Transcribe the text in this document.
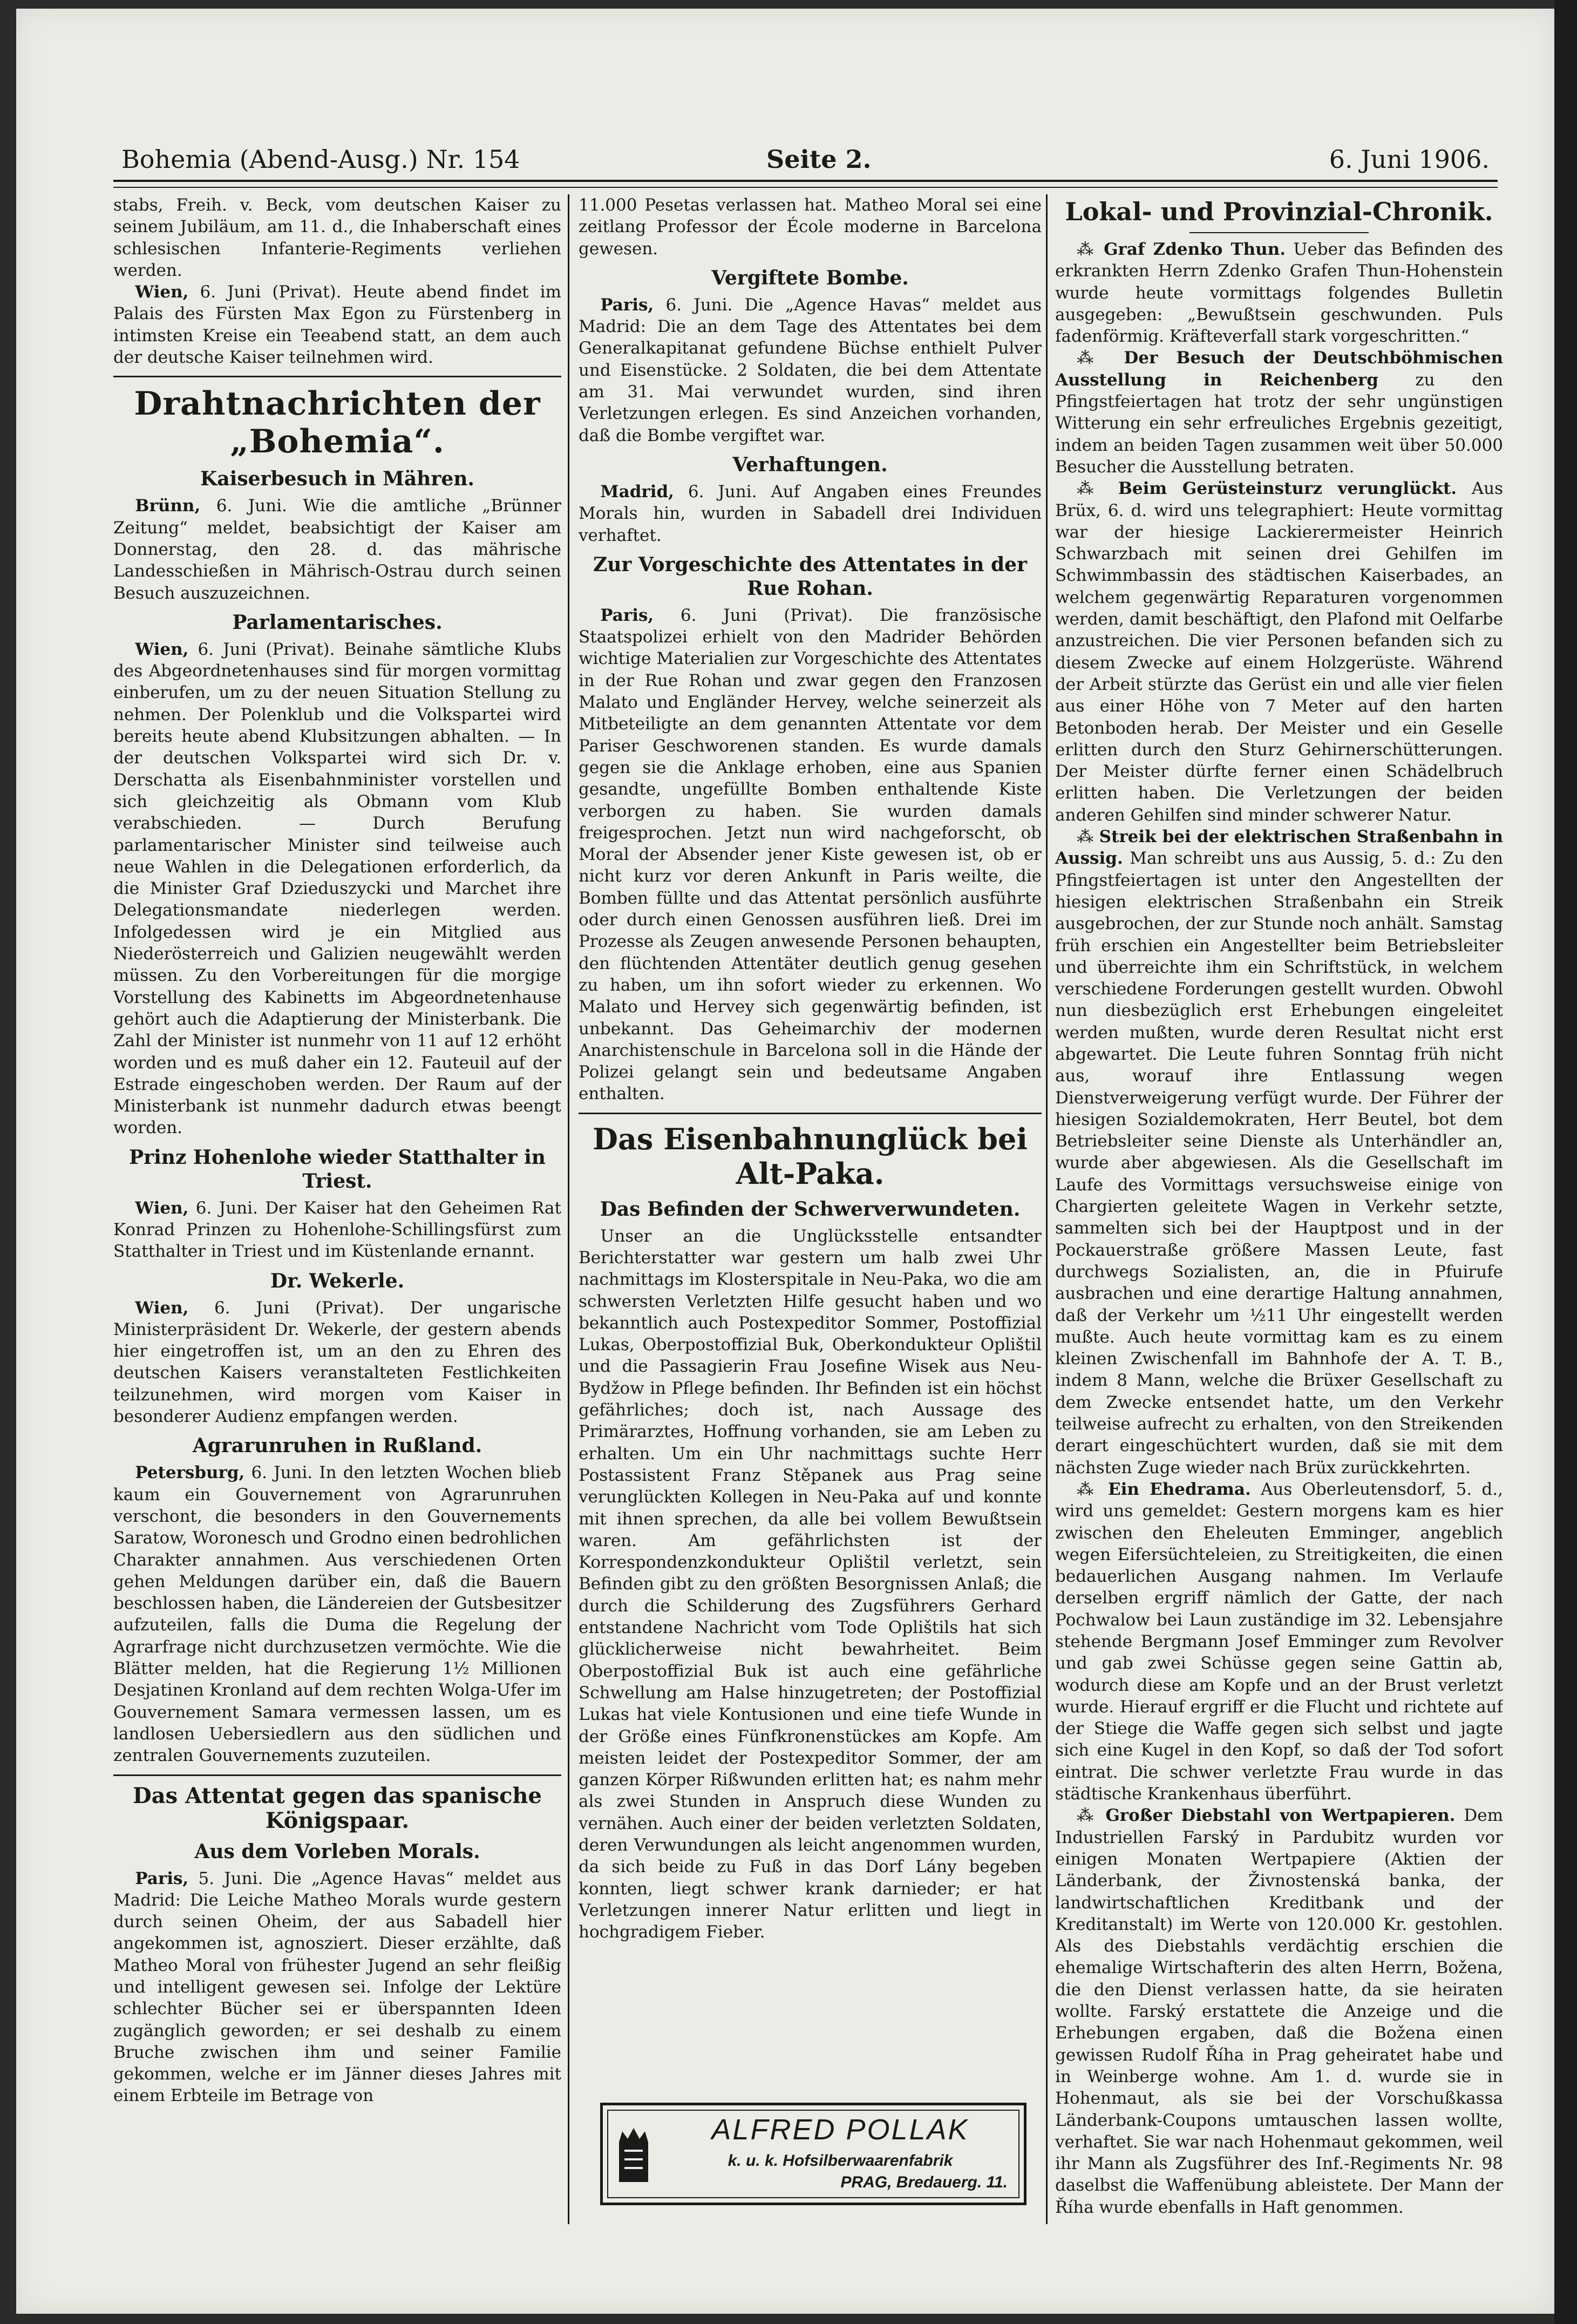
Bohemia (Abend-Ausg.) Nr. 154	Seite 2.	6. Juni 1906.

stabs, Freih. v. Beck, vom deutschen Kaiser zu seinem Jubiläum, am 11. d., die Inhaberschaft eines schlesischen Infanterie-Regiments verliehen werden.

Wien, 6. Juni (Privat). Heute abend findet im Palais des Fürsten Max Egon zu Fürstenberg in intimsten Kreise ein Teeabend statt, an dem auch der deutsche Kaiser teilnehmen wird.

Drahtnachrichten der „Bohemia“.
Kaiserbesuch in Mähren.

Brünn, 6. Juni. Wie die amtliche „Brünner Zeitung“ meldet, beabsichtigt der Kaiser am Donnerstag, den 28. d. das mährische Landesschießen in Mährisch-Ostrau durch seinen Besuch auszuzeichnen.

Parlamentarisches.

Wien, 6. Juni (Privat). Beinahe sämtliche Klubs des Abgeordnetenhauses sind für morgen vormittag einberufen, um zu der neuen Situation Stellung zu nehmen. Der Polenklub und die Volkspartei wird bereits heute abend Klubsitzungen abhalten. — In der deutschen Volkspartei wird sich Dr. v. Derschatta als Eisenbahnminister vorstellen und sich gleichzeitig als Obmann vom Klub verabschieden. — Durch Berufung parlamentarischer Minister sind teilweise auch neue Wahlen in die Delegationen erforderlich, da die Minister Graf Dzieduszycki und Marchet ihre Delegationsmandate niederlegen werden. Infolgedessen wird je ein Mitglied aus Niederösterreich und Galizien neugewählt werden müssen. Zu den Vorbereitungen für die morgige Vorstellung des Kabinetts im Abgeordnetenhause gehört auch die Adaptierung der Ministerbank. Die Zahl der Minister ist nunmehr von 11 auf 12 erhöht worden und es muß daher ein 12. Fauteuil auf der Estrade eingeschoben werden. Der Raum auf der Ministerbank ist nunmehr dadurch etwas beengt worden.

Prinz Hohenlohe wieder Statthalter in Triest.

Wien, 6. Juni. Der Kaiser hat den Geheimen Rat Konrad Prinzen zu Hohenlohe-Schillingsfürst zum Statthalter in Triest und im Küstenlande ernannt.

Dr. Wekerle.

Wien, 6. Juni (Privat). Der ungarische Ministerpräsident Dr. Wekerle, der gestern abends hier eingetroffen ist, um an den zu Ehren des deutschen Kaisers veranstalteten Festlichkeiten teilzunehmen, wird morgen vom Kaiser in besonderer Audienz empfangen werden.

Agrarunruhen in Rußland.

Petersburg, 6. Juni. In den letzten Wochen blieb kaum ein Gouvernement von Agrarunruhen verschont, die besonders in den Gouvernements Saratow, Woronesch und Grodno einen bedrohlichen Charakter annahmen. Aus verschiedenen Orten gehen Meldungen darüber ein, daß die Bauern beschlossen haben, die Ländereien der Gutsbesitzer aufzuteilen, falls die Duma die Regelung der Agrarfrage nicht durchzusetzen vermöchte. Wie die Blätter melden, hat die Regierung 1½ Millionen Desjatinen Kronland auf dem rechten Wolga-Ufer im Gouvernement Samara vermessen lassen, um es landlosen Uebersiedlern aus den südlichen und zentralen Gouvernements zuzuteilen.

Das Attentat gegen das spanische Königspaar.
Aus dem Vorleben Morals.

Paris, 5. Juni. Die „Agence Havas“ meldet aus Madrid: Die Leiche Matheo Morals wurde gestern durch seinen Oheim, der aus Sabadell hier angekommen ist, agnosziert. Dieser erzählte, daß Matheo Moral von frühester Jugend an sehr fleißig und intelligent gewesen sei. Infolge der Lektüre schlechter Bücher sei er überspannten Ideen zugänglich geworden; er sei deshalb zu einem Bruche zwischen ihm und seiner Familie gekommen, welche er im Jänner dieses Jahres mit einem Erbteile im Betrage von

11.000 Pesetas verlassen hat. Matheo Moral sei eine zeitlang Professor der École moderne in Barcelona gewesen.

Vergiftete Bombe.

Paris, 6. Juni. Die „Agence Havas“ meldet aus Madrid: Die an dem Tage des Attentates bei dem Generalkapitanat gefundene Büchse enthielt Pulver und Eisenstücke. 2 Soldaten, die bei dem Attentate am 31. Mai verwundet wurden, sind ihren Verletzungen erlegen. Es sind Anzeichen vorhanden, daß die Bombe vergiftet war.

Verhaftungen.

Madrid, 6. Juni. Auf Angaben eines Freundes Morals hin, wurden in Sabadell drei Individuen verhaftet.

Zur Vorgeschichte des Attentates in der Rue Rohan.

Paris, 6. Juni (Privat). Die französische Staatspolizei erhielt von den Madrider Behörden wichtige Materialien zur Vorgeschichte des Attentates in der Rue Rohan und zwar gegen den Franzosen Malato und Engländer Hervey, welche seinerzeit als Mitbeteiligte an dem genannten Attentate vor dem Pariser Geschworenen standen. Es wurde damals gegen sie die Anklage erhoben, eine aus Spanien gesandte, ungefüllte Bomben enthaltende Kiste verborgen zu haben. Sie wurden damals freigesprochen. Jetzt nun wird nachgeforscht, ob Moral der Absender jener Kiste gewesen ist, ob er nicht kurz vor deren Ankunft in Paris weilte, die Bomben füllte und das Attentat persönlich ausführte oder durch einen Genossen ausführen ließ. Drei im Prozesse als Zeugen anwesende Personen behaupten, den flüchtenden Attentäter deutlich genug gesehen zu haben, um ihn sofort wieder zu erkennen. Wo Malato und Hervey sich gegenwärtig befinden, ist unbekannt. Das Geheimarchiv der modernen Anarchistenschule in Barcelona soll in die Hände der Polizei gelangt sein und bedeutsame Angaben enthalten.

Das Eisenbahnunglück bei Alt-Paka.
Das Befinden der Schwerverwundeten.

Unser an die Unglücksstelle entsandter Berichterstatter war gestern um halb zwei Uhr nachmittags im Klosterspitale in Neu-Paka, wo die am schwersten Verletzten Hilfe gesucht haben und wo bekanntlich auch Postexpeditor Sommer, Postoffizial Lukas, Oberpostoffizial Buk, Oberkondukteur Oplištil und die Passagierin Frau Josefine Wisek aus Neu-Bydžow in Pflege befinden. Ihr Befinden ist ein höchst gefährliches; doch ist, nach Aussage des Primärarztes, Hoffnung vorhanden, sie am Leben zu erhalten. Um ein Uhr nachmittags suchte Herr Postassistent Franz Stěpanek aus Prag seine verunglückten Kollegen in Neu-Paka auf und konnte mit ihnen sprechen, da alle bei vollem Bewußtsein waren. Am gefährlichsten ist der Korrespondenzkondukteur Oplištil verletzt, sein Befinden gibt zu den größten Besorgnissen Anlaß; die durch die Schilderung des Zugsführers Gerhard entstandene Nachricht vom Tode Oplištils hat sich glücklicherweise nicht bewahrheitet. Beim Oberpostoffizial Buk ist auch eine gefährliche Schwellung am Halse hinzugetreten; der Postoffizial Lukas hat viele Kontusionen und eine tiefe Wunde in der Größe eines Fünfkronenstückes am Kopfe. Am meisten leidet der Postexpeditor Sommer, der am ganzen Körper Rißwunden erlitten hat; es nahm mehr als zwei Stunden in Anspruch diese Wunden zu vernähen. Auch einer der beiden verletzten Soldaten, deren Verwundungen als leicht angenommen wurden, da sich beide zu Fuß in das Dorf Lány begeben konnten, liegt schwer krank darnieder; er hat Verletzungen innerer Natur erlitten und liegt in hochgradigem Fieber.

ALFRED POLLAK
k. u. k. Hofsilberwaarenfabrik
PRAG, Bredauerg. 11.
Lokal- und Provinzial-Chronik.

⁂ Graf Zdenko Thun. Ueber das Befinden des erkrankten Herrn Zdenko Grafen Thun-Hohenstein wurde heute vormittags folgendes Bulletin ausgegeben: „Bewußtsein geschwunden. Puls fadenförmig. Kräfteverfall stark vorgeschritten.“

⁂ Der Besuch der Deutschböhmischen Ausstellung in Reichenberg zu den Pfingstfeiertagen hat trotz der sehr ungünstigen Witterung ein sehr erfreuliches Ergebnis gezeitigt, indem an beiden Tagen zusammen weit über 50.000 Besucher die Ausstellung betraten.

⁂ Beim Gerüsteinsturz verunglückt. Aus Brüx, 6. d. wird uns telegraphiert: Heute vormittag war der hiesige Lackierermeister Heinrich Schwarzbach mit seinen drei Gehilfen im Schwimmbassin des städtischen Kaiserbades, an welchem gegenwärtig Reparaturen vorgenommen werden, damit beschäftigt, den Plafond mit Oelfarbe anzustreichen. Die vier Personen befanden sich zu diesem Zwecke auf einem Holzgerüste. Während der Arbeit stürzte das Gerüst ein und alle vier fielen aus einer Höhe von 7 Meter auf den harten Betonboden herab. Der Meister und ein Geselle erlitten durch den Sturz Gehirnerschütterungen. Der Meister dürfte ferner einen Schädelbruch erlitten haben. Die Verletzungen der beiden anderen Gehilfen sind minder schwerer Natur.

⁂ Streik bei der elektrischen Straßenbahn in Aussig. Man schreibt uns aus Aussig, 5. d.: Zu den Pfingstfeiertagen ist unter den Angestellten der hiesigen elektrischen Straßenbahn ein Streik ausgebrochen, der zur Stunde noch anhält. Samstag früh erschien ein Angestellter beim Betriebsleiter und überreichte ihm ein Schriftstück, in welchem verschiedene Forderungen gestellt wurden. Obwohl nun diesbezüglich erst Erhebungen eingeleitet werden mußten, wurde deren Resultat nicht erst abgewartet. Die Leute fuhren Sonntag früh nicht aus, worauf ihre Entlassung wegen Dienstverweigerung verfügt wurde. Der Führer der hiesigen Sozialdemokraten, Herr Beutel, bot dem Betriebsleiter seine Dienste als Unterhändler an, wurde aber abgewiesen. Als die Gesellschaft im Laufe des Vormittags versuchsweise einige von Chargierten geleitete Wagen in Verkehr setzte, sammelten sich bei der Hauptpost und in der Pockauerstraße größere Massen Leute, fast durchwegs Sozialisten, an, die in Pfuirufe ausbrachen und eine derartige Haltung annahmen, daß der Verkehr um ½11 Uhr eingestellt werden mußte. Auch heute vormittag kam es zu einem kleinen Zwischenfall im Bahnhofe der A. T. B., indem 8 Mann, welche die Brüxer Gesellschaft zu dem Zwecke entsendet hatte, um den Verkehr teilweise aufrecht zu erhalten, von den Streikenden derart eingeschüchtert wurden, daß sie mit dem nächsten Zuge wieder nach Brüx zurückkehrten.

⁂ Ein Ehedrama. Aus Oberleutensdorf, 5. d., wird uns gemeldet: Gestern morgens kam es hier zwischen den Eheleuten Emminger, angeblich wegen Eifersüchteleien, zu Streitigkeiten, die einen bedauerlichen Ausgang nahmen. Im Verlaufe derselben ergriff nämlich der Gatte, der nach Pochwalow bei Laun zuständige im 32. Lebensjahre stehende Bergmann Josef Emminger zum Revolver und gab zwei Schüsse gegen seine Gattin ab, wodurch diese am Kopfe und an der Brust verletzt wurde. Hierauf ergriff er die Flucht und richtete auf der Stiege die Waffe gegen sich selbst und jagte sich eine Kugel in den Kopf, so daß der Tod sofort eintrat. Die schwer verletzte Frau wurde in das städtische Krankenhaus überführt.

⁂ Großer Diebstahl von Wertpapieren. Dem Industriellen Farský in Pardubitz wurden vor einigen Monaten Wertpapiere (Aktien der Länderbank, der Živnostenská banka, der landwirtschaftlichen Kreditbank und der Kreditanstalt) im Werte von 120.000 Kr. gestohlen. Als des Diebstahls verdächtig erschien die ehemalige Wirtschafterin des alten Herrn, Božena, die den Dienst verlassen hatte, da sie heiraten wollte. Farský erstattete die Anzeige und die Erhebungen ergaben, daß die Božena einen gewissen Rudolf Říha in Prag geheiratet habe und in Weinberge wohne. Am 1. d. wurde sie in Hohenmaut, als sie bei der Vorschußkassa Länderbank-Coupons umtauschen lassen wollte, verhaftet. Sie war nach Hohenmaut gekommen, weil ihr Mann als Zugsführer des Inf.-Regiments Nr. 98 daselbst die Waffenübung ableistete. Der Mann der Říha wurde ebenfalls in Haft genommen.
